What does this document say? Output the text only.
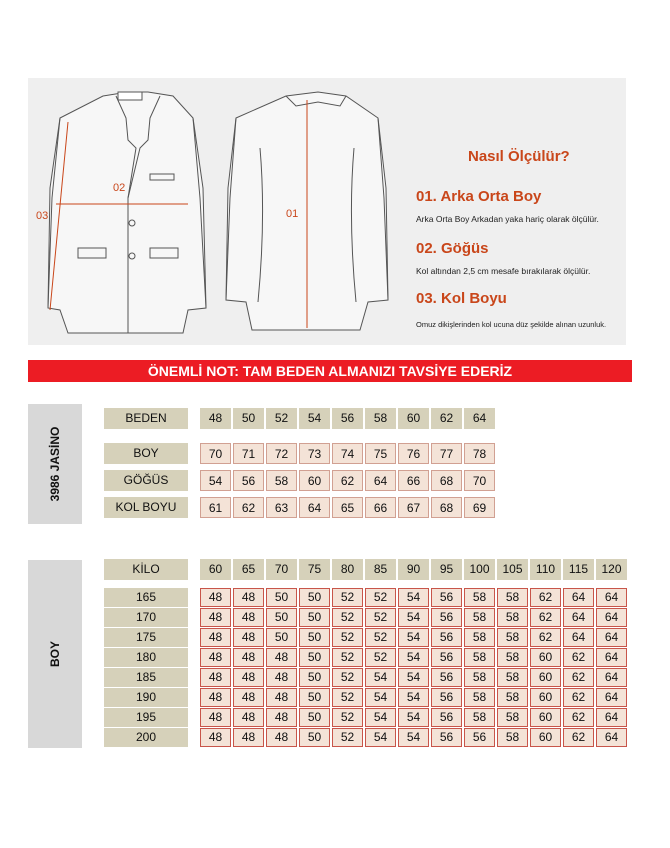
03
02
01
Nasıl Ölçülür?
01. Arka Orta Boy
Arka Orta Boy Arkadan yaka hariç olarak ölçülür.
02. Göğüs
Kol altından 2,5 cm mesafe bırakılarak ölçülür.
03. Kol Boyu
Omuz dikişlerinden kol ucuna düz şekilde alınan uzunluk.
ÖNEMLİ NOT: TAM BEDEN ALMANIZI TAVSİYE EDERİZ
3986 JASİNO
BEDEN	48	50	52	54	56	58	60	62	64
BOY	70	71	72	73	74	75	76	77	78
GÖĞÜS	54	56	58	60	62	64	66	68	70
KOL BOYU	61	62	63	64	65	66	67	68	69
BOY
KİLO	60	65	70	75	80	85	90	95	100	105	110	115	120
165	48	48	50	50	52	52	54	56	58	58	62	64	64
170	48	48	50	50	52	52	54	56	58	58	62	64	64
175	48	48	50	50	52	52	54	56	58	58	62	64	64
180	48	48	48	50	52	52	54	56	58	58	60	62	64
185	48	48	48	50	52	54	54	56	58	58	60	62	64
190	48	48	48	50	52	54	54	56	58	58	60	62	64
195	48	48	48	50	52	54	54	56	58	58	60	62	64
200	48	48	48	50	52	54	54	56	56	58	60	62	64
